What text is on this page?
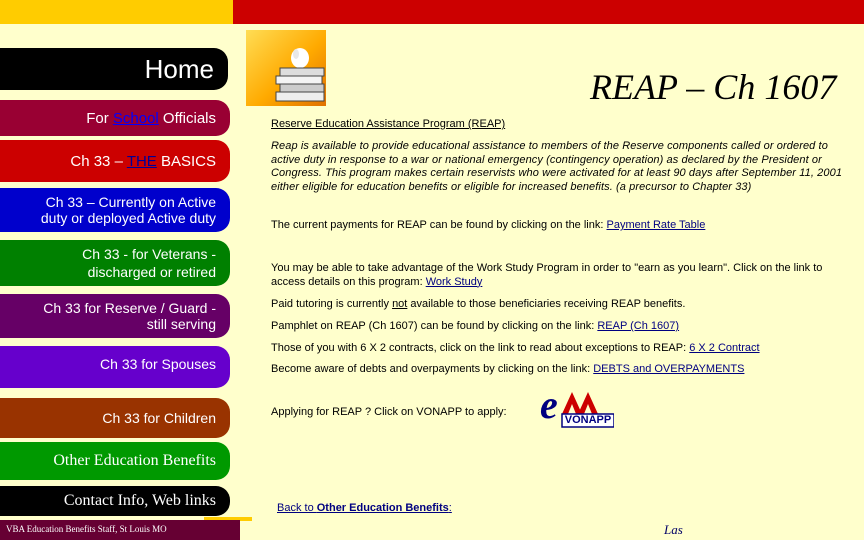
Home
For School Officials
Ch 33 – THE BASICS
Ch 33 – Currently on Active
duty or deployed Active duty
Ch 33 - for Veterans -
discharged or retired
Ch 33 for Reserve / Guard -
still serving
Ch 33 for Spouses
Ch 33 for Children
Other Education Benefits
Contact Info, Web links
VBA Education Benefits Staff, St Louis MO
REAP – Ch 1607
Reserve Education Assistance Program (REAP)
Reap is available to provide educational assistance to members of the Reserve components called or ordered to active duty in response to a war or national emergency (contingency operation) as declared by the President or Congress. This program makes certain reservists who were activated for at least 90 days after September 11, 2001 either eligible for education benefits or eligible for increased benefits. (a precursor to Chapter 33)
The current payments for REAP can be found by clicking on the link: Payment Rate Table
You may be able to take advantage of the Work Study Program in order to "earn as you learn". Click on the link to access details on this program: Work Study
Paid tutoring is currently not available to those beneficiaries receiving REAP benefits.
Pamphlet on REAP (Ch 1607) can be found by clicking on the link: REAP (Ch 1607)
Those of you with 6 X 2 contracts, click on the link to read about exceptions to REAP: 6 X 2 Contract
Become aware of debts and overpayments by clicking on the link: DEBTS and OVERPAYMENTS
Applying for REAP ? Click on VONAPP to apply: e VONAPP
Back to Other Education Benefits:
Las
